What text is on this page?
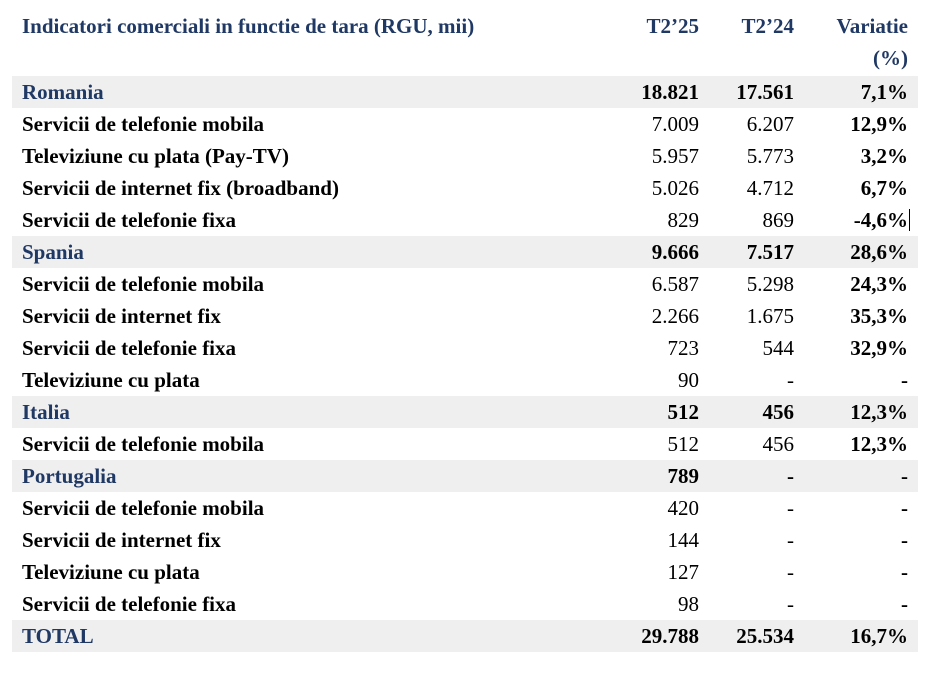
Indicatori comerciali in functie de tara (RGU, mii)	T2’25 T2’24 Variatie
(%)
Romania	18.821 17.561	7,1%
Servicii de telefonie mobila	7.009 6.207	12,9%
Televiziune cu plata (Pay-TV)	5.957 5.773	3,2%
Servicii de internet fix (broadband)	5.026 4.712	6,7%
Servicii de telefonie fixa	829	869	-4,6%
Spania	9.666 7.517	28,6%
Servicii de telefonie mobila	6.587 5.298	24,3%
Servicii de internet fix	2.266 1.675	35,3%
Servicii de telefonie fixa	723	544	32,9%
Televiziune cu plata	90	-	-
Italia	512	456	12,3%
Servicii de telefonie mobila	512	456	12,3%
Portugalia	789	-	-
Servicii de telefonie mobila	420	-	-
Servicii de internet fix	144	-	-
Televiziune cu plata	127	-	-
Servicii de telefonie fixa	98	-	-
TOTAL	29.788 25.534	16,7%
